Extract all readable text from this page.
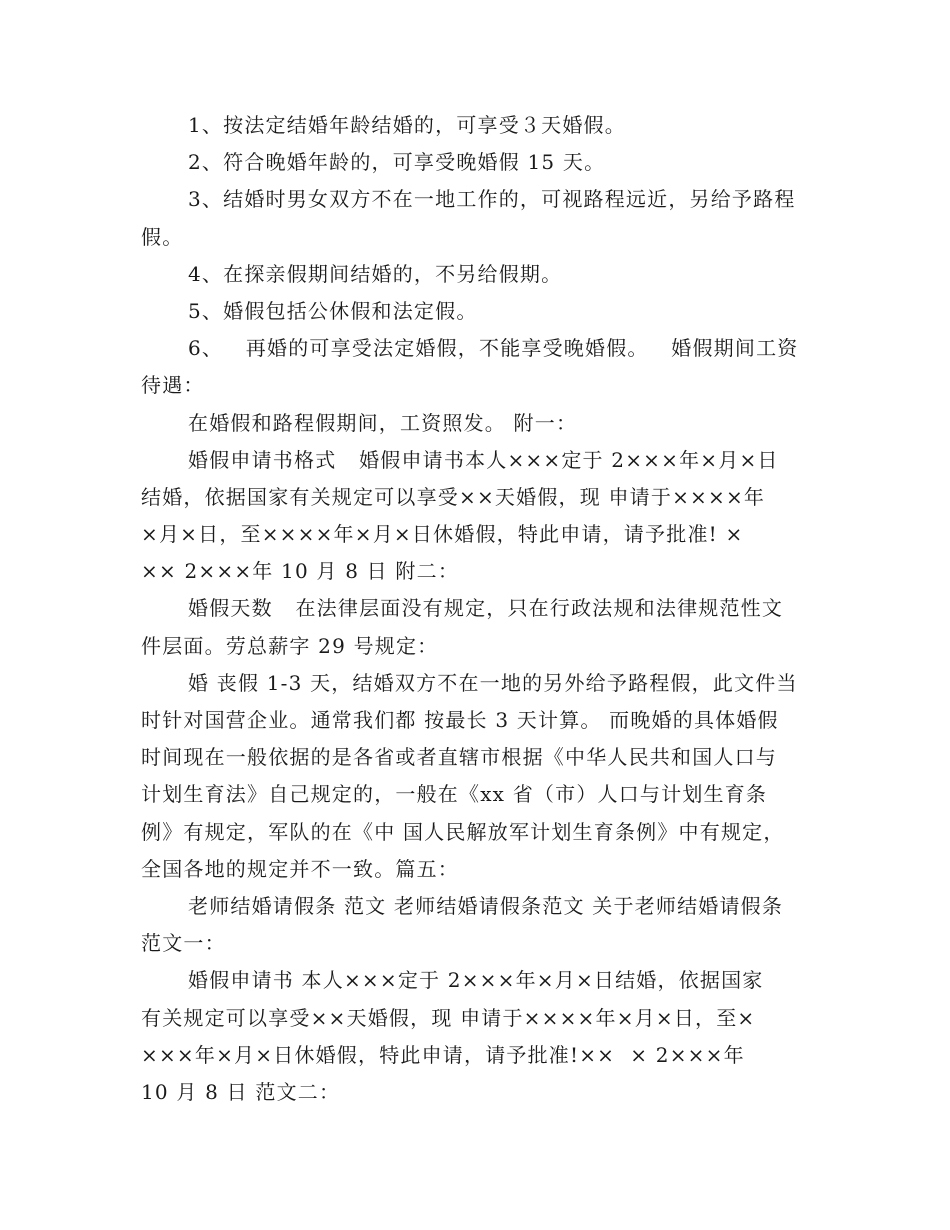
1、按法定结婚年龄结婚的，可享受３天婚假。
2、符合晚婚年龄的，可享受晚婚假 15 天。
3、结婚时男女双方不在一地工作的，可视路程远近，另给予路程
假。
4、在探亲假期间结婚的，不另给假期。
5、婚假包括公休假和法定假。
6、   再婚的可享受法定婚假，不能享受晚婚假。   婚假期间工资
待遇：
在婚假和路程假期间，工资照发。 附一：
婚假申请书格式   婚假申请书本人×××定于 2×××年×月×日
结婚，依据国家有关规定可以享受××天婚假，现 申请于××××年
×月×日，至××××年×月×日休婚假，特此申请，请予批准! ×
×× 2×××年 10 月 8 日 附二：
婚假天数   在法律层面没有规定，只在行政法规和法律规范性文
件层面。劳总薪字 29 号规定：
婚 丧假 1-3 天，结婚双方不在一地的另外给予路程假，此文件当
时针对国营企业。通常我们都 按最长 3 天计算。 而晚婚的具体婚假
时间现在一般依据的是各省或者直辖市根据《中华人民共和国人口与
计划生育法》自己规定的，一般在《xx 省（市）人口与计划生育条
例》有规定，军队的在《中 国人民解放军计划生育条例》中有规定，
全国各地的规定并不一致。篇五：
老师结婚请假条 范文 老师结婚请假条范文 关于老师结婚请假条
范文一：
婚假申请书 本人×××定于 2×××年×月×日结婚，依据国家
有关规定可以享受××天婚假，现 申请于××××年×月×日，至×
×××年×月×日休婚假，特此申请，请予批准!××  × 2×××年
10 月 8 日 范文二：
